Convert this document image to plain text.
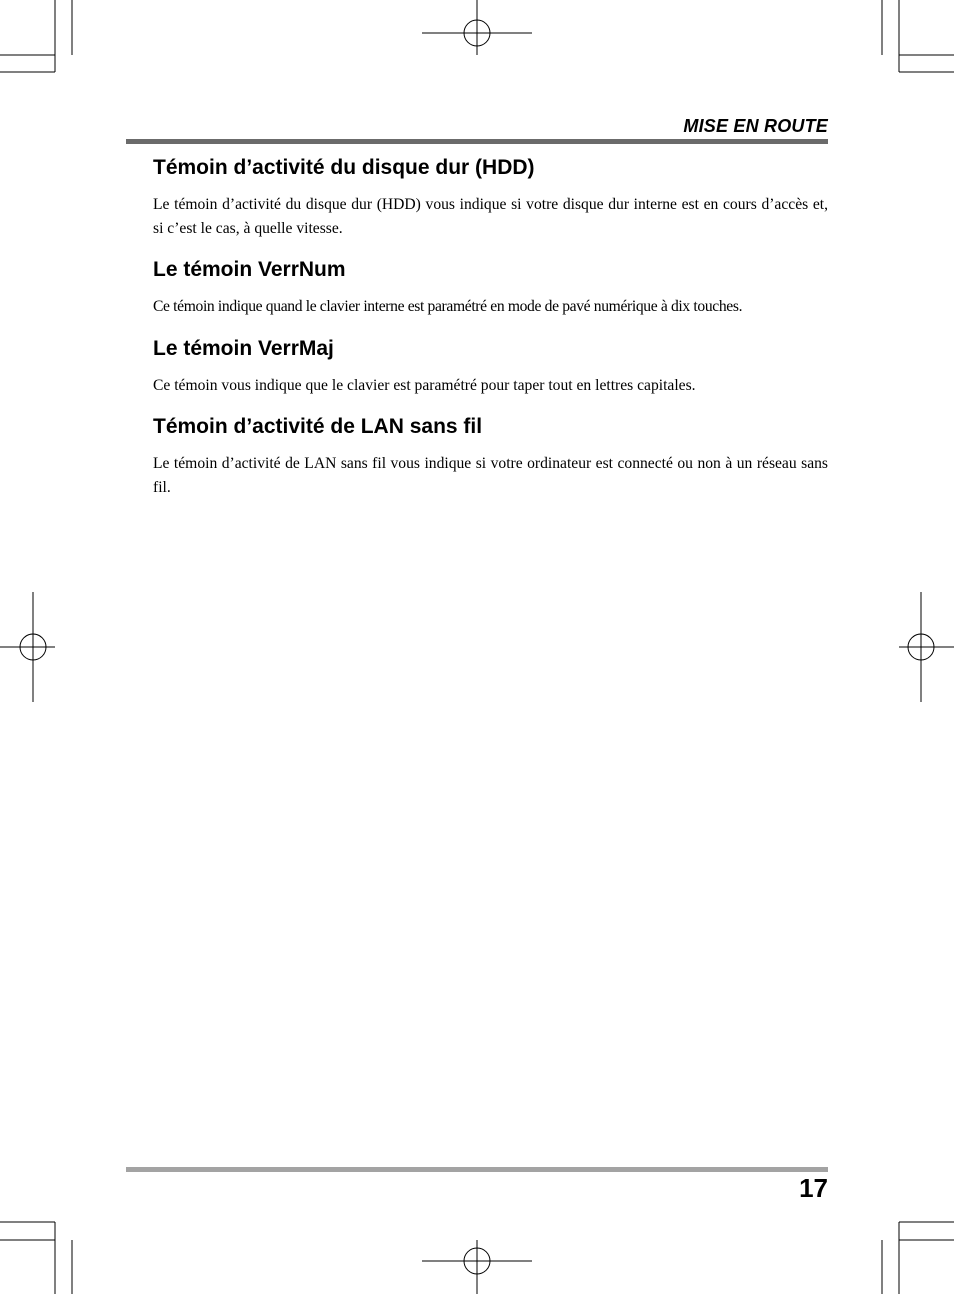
MISE EN ROUTE
Témoin d’activité du disque dur (HDD)

Le témoin d’activité du disque dur (HDD) vous indique si votre disque dur interne est en cours d’accès et, si c’est le cas, à quelle vitesse.

Le témoin VerrNum

Ce témoin indique quand le clavier interne est paramétré en mode de pavé numérique à dix touches.

Le témoin VerrMaj

Ce témoin vous indique que le clavier est paramétré pour taper tout en lettres capitales.

Témoin d’activité de LAN sans fil

Le témoin d’activité de LAN sans fil vous indique si votre ordinateur est connecté ou non à un réseau sans fil.

17
